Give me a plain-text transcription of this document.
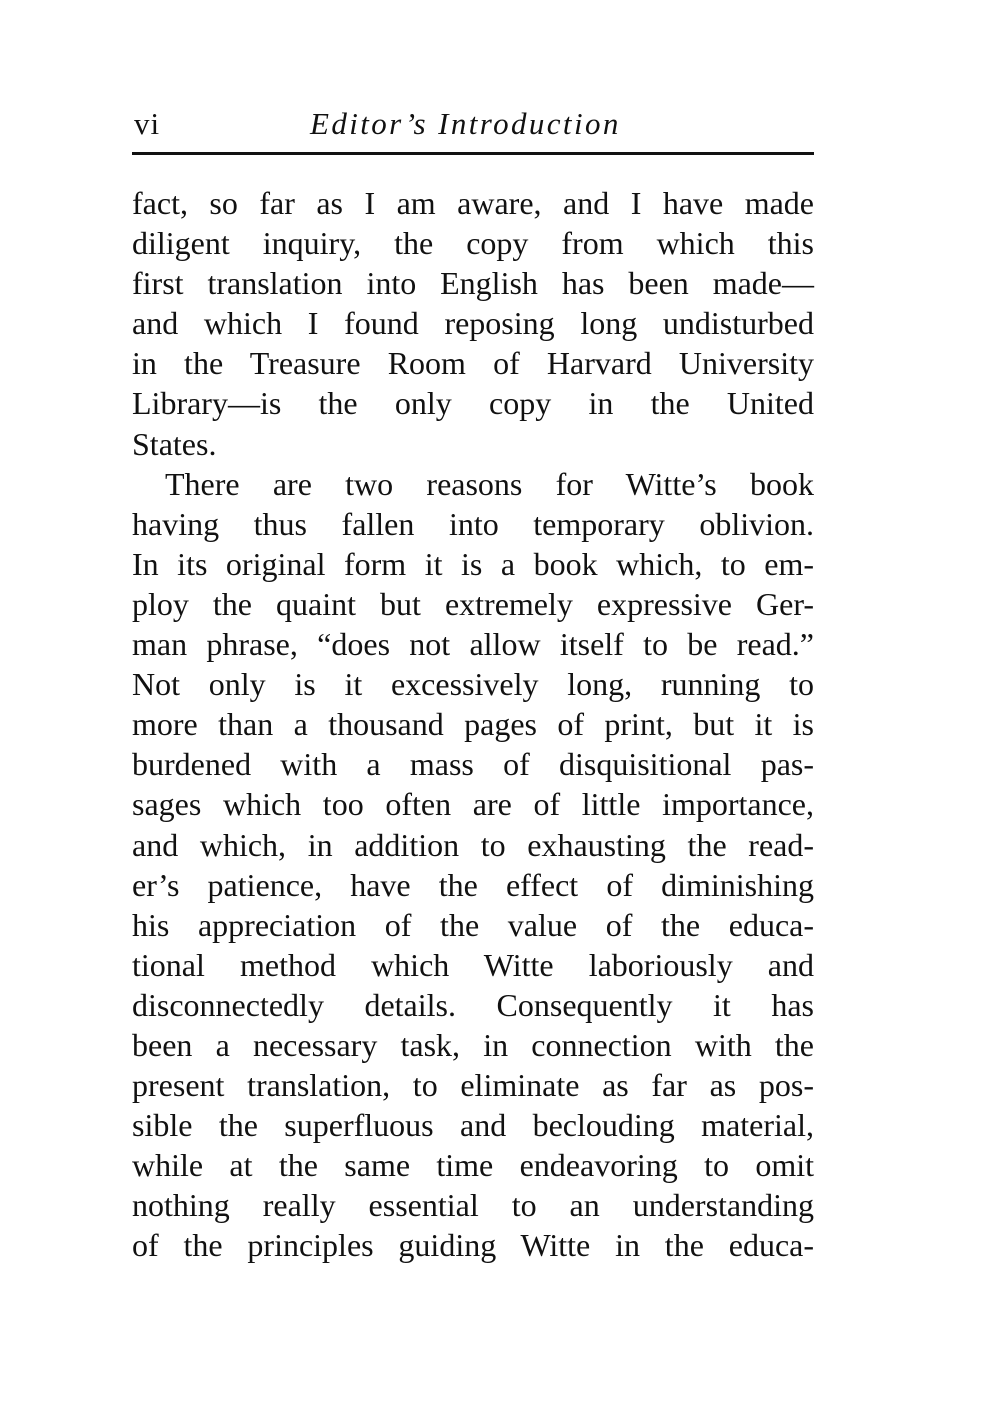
vi	Editor’s Introduction
fact, so far as I am aware, and I have made
diligent inquiry, the copy from which this
first translation into English has been made—
and which I found reposing long undisturbed
in the Treasure Room of Harvard University
Library—is the only copy in the United
States.
There are two reasons for Witte’s book
having thus fallen into temporary oblivion.
In its original form it is a book which, to em-
ploy the quaint but extremely expressive Ger-
man phrase, “does not allow itself to be read.”
Not only is it excessively long, running to
more than a thousand pages of print, but it is
burdened with a mass of disquisitional pas-
sages which too often are of little importance,
and which, in addition to exhausting the read-
er’s patience, have the effect of diminishing
his appreciation of the value of the educa-
tional method which Witte laboriously and
disconnectedly details. Consequently it has
been a necessary task, in connection with the
present translation, to eliminate as far as pos-
sible the superfluous and beclouding material,
while at the same time endeavoring to omit
nothing really essential to an understanding
of the principles guiding Witte in the educa-
